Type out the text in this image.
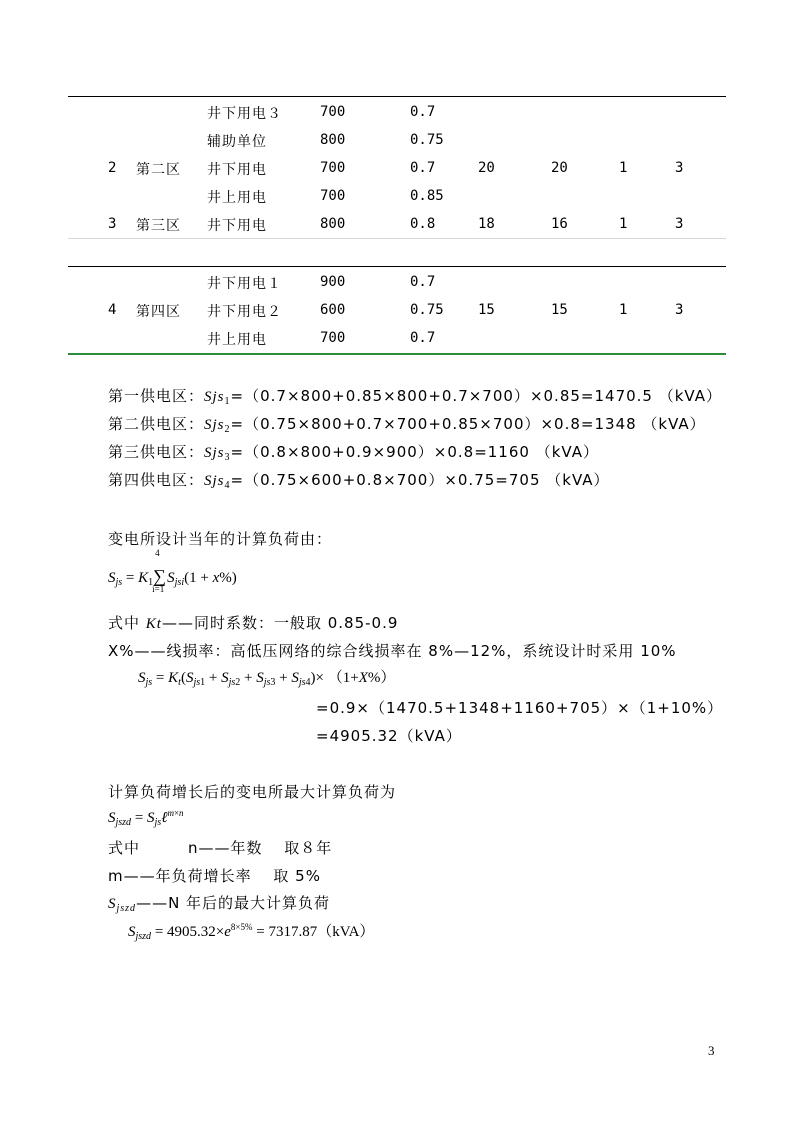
井下用电３	700	0.7
辅助单位	800	0.75
2 第二区 井下用电	700	0.7	20	20	1	3
井上用电	700	0.85
3 第三区 井下用电	800	0.8	18	16	1	3
井下用电１	900	0.7
4 第四区 井下用电２	600	0.75 15	15	1	3
井上用电	700	0.7
第一供电区：Sjs$_1$=（0.7×800+0.85×800+0.7×700）×0.85=1470.5 （kVA）
第二供电区：Sjs$_2$=（0.75×800+0.7×700+0.85×700）×0.8=1348 （kVA）
第三供电区：Sjs$_3$=（0.8×800+0.9×900）×0.8=1160 （kVA）
第四供电区：Sjs$_4$=（0.75×600+0.8×700）×0.75=705 （kVA）
变电所设计当年的计算负荷由：
$S_{js} = K_1$
4
∑
i=1
$S_{jsi}(1 + x\%)$
式中 Kt——同时系数：一般取 0.85-0.9
X%——线损率：高低压网络的综合线损率在 8%—12%，系统设计时采用 10%
$S_{js} = K_t(S_{js1} + S_{js2} + S_{js3} + S_{js4})\times (1+X\%)$
=0.9×（1470.5+1348+1160+705）×（1+10%）
=4905.32（kVA）
计算负荷增长后的变电所最大计算负荷为
$S_{jszd}$ = $S_{js}\ell^{m\times n}$
式中	n——年数　 取８年
m——年负荷增长率　 取 5%
$S_{jszd}——N$ 年后的最大计算负荷
$S_{jszd} = 4905.32\times e^{8\times 5\%} = 7317.87(kVA)$
3
